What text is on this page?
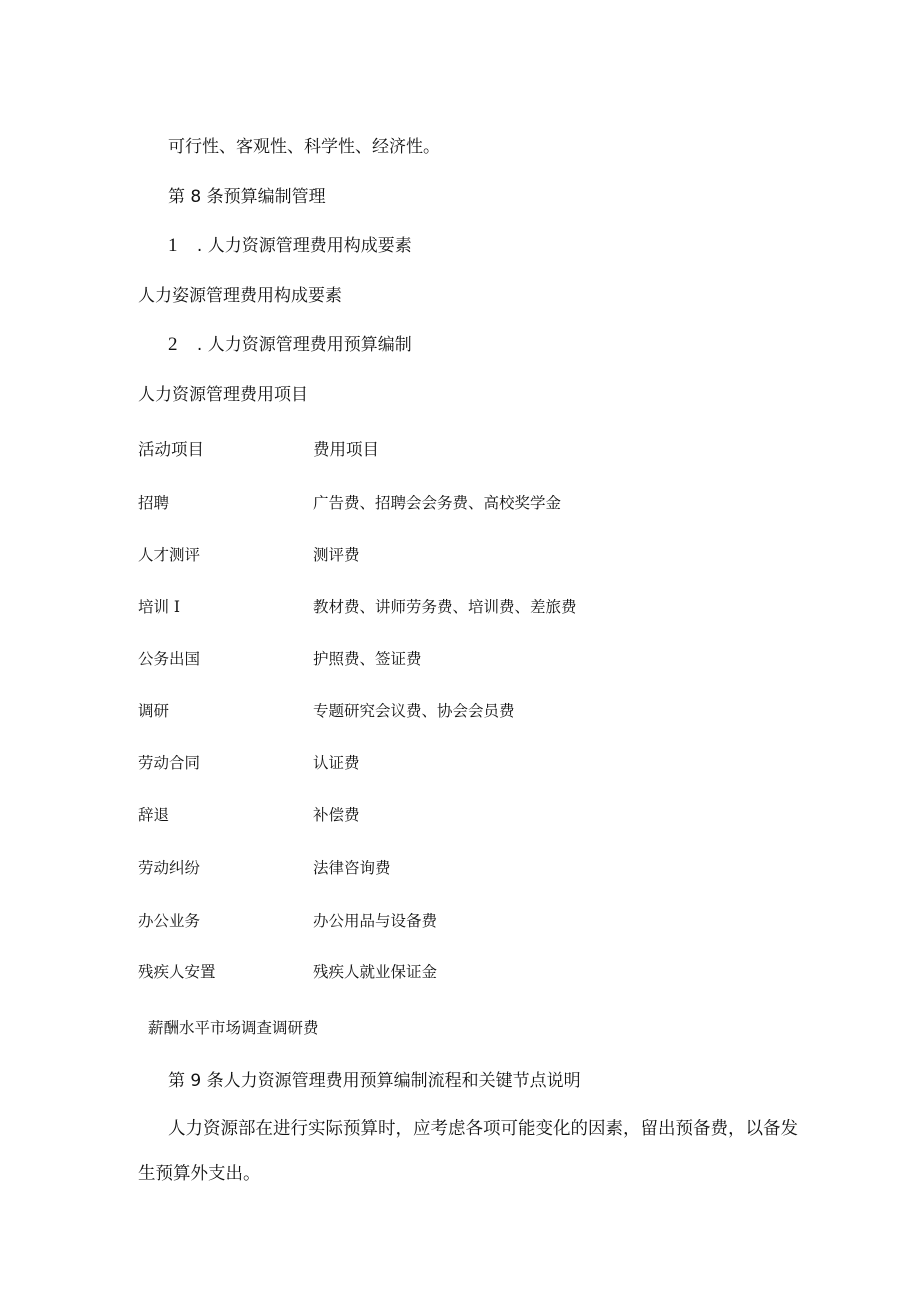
可行性、客观性、科学性、经济性。
第 8 条预算编制管理
1 . 人力资源管理费用构成要素
人力姿源管理费用构成要素
2 . 人力资源管理费用预算编制
人力资源管理费用项目
活动项目	费用项目
招聘	广告费、招聘会会务费、高校奖学金
人才测评	测评费
培训 I	教材费、讲师劳务费、培训费、差旅费
公务出国	护照费、签证费
调研	专题研究会议费、协会会员费
劳动合同	认证费
辞退	补偿费
劳动纠纷	法律咨询费
办公业务	办公用品与设备费
残疾人安置	残疾人就业保证金
薪酬水平市场调查调研费
第 9 条人力资源管理费用预算编制流程和关键节点说明
人力资源部在进行实际预算时，应考虑各项可能变化的因素，留出预备费，以备发
生预算外支出。
